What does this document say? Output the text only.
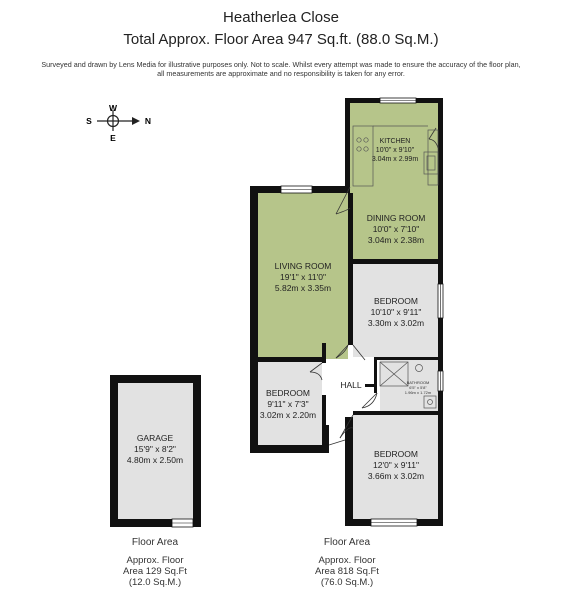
Heatherlea Close
Total Approx. Floor Area 947 Sq.ft. (88.0 Sq.M.)
Surveyed and drawn by Lens Media for illustrative purposes only. Not to scale. Whilst every attempt was made to ensure the accuracy of the floor plan,
all measurements are approximate and no responsibility is taken for any error.
W
S	N
E	KITCHEN
10'0" x 9'10"
3.04m x 2.99m
DINING ROOM
10'0" x 7'10"
3.04m x 2.38m
LIVING ROOM
19'1" x 11'0"
5.82m x 3.35m
BEDROOM
10'10" x 9'11"
3.30m x 3.02m
HALL
BEDROOM
9'11" x 7'3"
3.02m x 2.20m
BEDROOM
12'0" x 9'11"
3.66m x 3.02m
GARAGE
15'9" x 8'2"
4.80m x 2.50m
BATHROOM
6'5" x 5'8"
1.96m x 1.72m
Floor Area
Approx. Floor
Area 129 Sq.Ft
(12.0 Sq.M.)
Floor Area
Approx. Floor
Area 818 Sq.Ft
(76.0 Sq.M.)
